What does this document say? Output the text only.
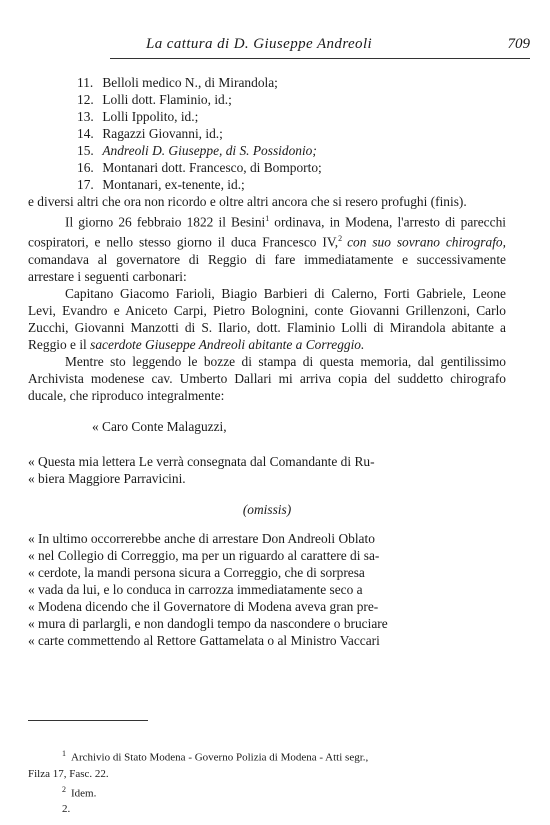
La cattura di D. Giuseppe Andreoli	709
11. Belloli medico N., di Mirandola;
12. Lolli dott. Flaminio, id.;
13. Lolli Ippolito, id.;
14. Ragazzi Giovanni, id.;
15. Andreoli D. Giuseppe, di S. Possidonio;
16. Montanari dott. Francesco, di Bomporto;
17. Montanari, ex-tenente, id.;

e diversi altri che ora non ricordo e oltre altri ancora che si resero profughi (finis).

Il giorno 26 febbraio 1822 il Besini$^1$ ordinava, in Modena, l'arresto di parecchi cospiratori, e nello stesso giorno il duca Francesco IV,$^2$ con suo sovrano chirografo, comandava al governatore di Reggio di fare immediatamente e successivamente arrestare i seguenti carbonari:

Capitano Giacomo Farioli, Biagio Barbieri di Calerno, Forti Gabriele, Leone Levi, Evandro e Aniceto Carpi, Pietro Bolognini, conte Giovanni Grillenzoni, Carlo Zucchi, Giovanni Manzotti di S. Ilario, dott. Flaminio Lolli di Mirandola abitante a Reggio e il sacerdote Giuseppe Andreoli abitante a Correggio.

Mentre sto leggendo le bozze di stampa di questa memoria, dal gentilissimo Archivista modenese cav. Umberto Dallari mi arriva copia del suddetto chirografo ducale, che riproduco integralmente:

« Caro Conte Malaguzzi,

« Questa mia lettera Le verrà consegnata dal Comandante di Ru-

« biera Maggiore Parravicini.

(omissis)

« In ultimo occorrerebbe anche di arrestare Don Andreoli Oblato

« nel Collegio di Correggio, ma per un riguardo al carattere di sa-

« cerdote, la mandi persona sicura a Correggio, che di sorpresa

« vada da lui, e lo conduca in carrozza immediatamente seco a

« Modena dicendo che il Governatore di Modena aveva gran pre-

« mura di parlargli, e non dandogli tempo da nascondere o bruciare

« carte commettendo al Rettore Gattamelata o al Ministro Vaccari

$^1$ Archivio di Stato Modena - Governo Polizia di Modena - Atti segr.,
Filza 17, Fasc. 22.
$^2$ Idem.
2.
